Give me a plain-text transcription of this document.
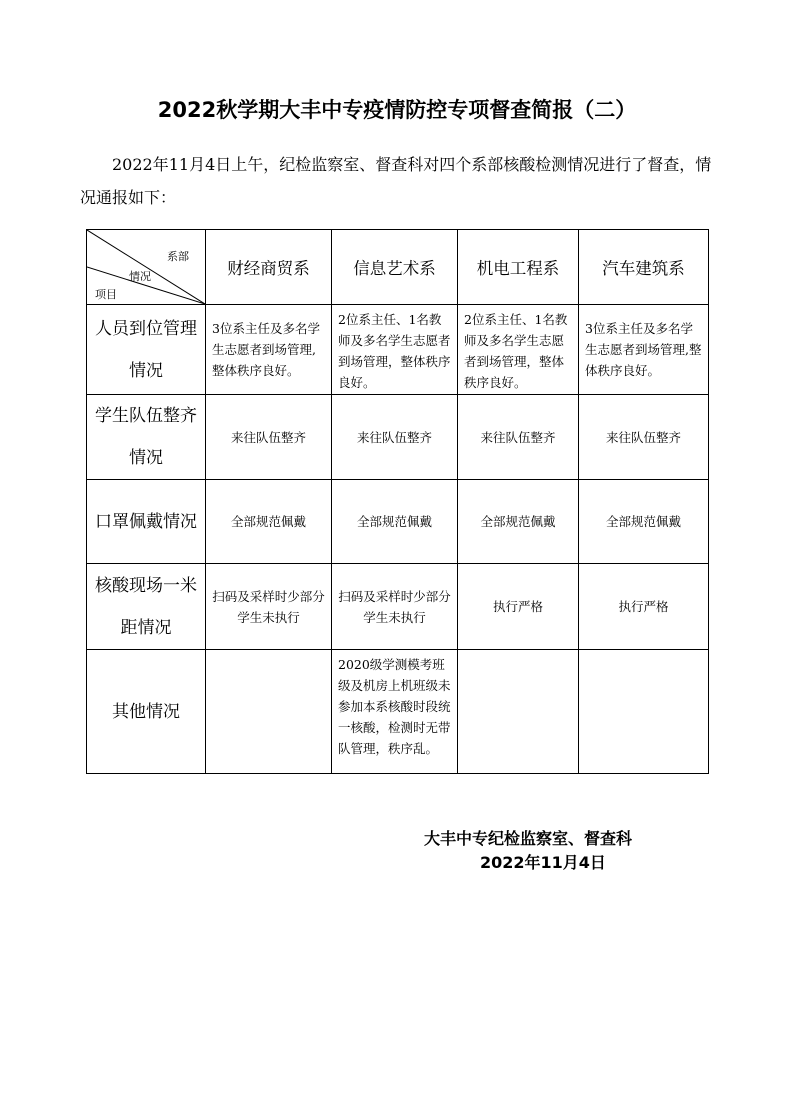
2022秋学期大丰中专疫情防控专项督查简报（二）
2022年11月4日上午，纪检监察室、督查科对四个系部核酸检测情况进行了督查，情况通报如下：
系部
情况
项目	财经商贸系	信息艺术系	机电工程系	汽车建筑系
人员到位管理情况	3位系主任及多名学生志愿者到场管理,整体秩序良好。	2位系主任、1名教师及多名学生志愿者到场管理，整体秩序良好。	2位系主任、1名教师及多名学生志愿者到场管理，整体秩序良好。	3位系主任及多名学生志愿者到场管理,整体秩序良好。
学生队伍整齐情况	来往队伍整齐	来往队伍整齐	来往队伍整齐	来往队伍整齐
口罩佩戴情况	全部规范佩戴	全部规范佩戴	全部规范佩戴	全部规范佩戴
核酸现场一米距情况	扫码及采样时少部分学生未执行	扫码及采样时少部分学生未执行	执行严格	执行严格
其他情况		2020级学测模考班级及机房上机班级未参加本系核酸时段统一核酸，检测时无带队管理，秩序乱。		
大丰中专纪检监察室、督查科
2022年11月4日
